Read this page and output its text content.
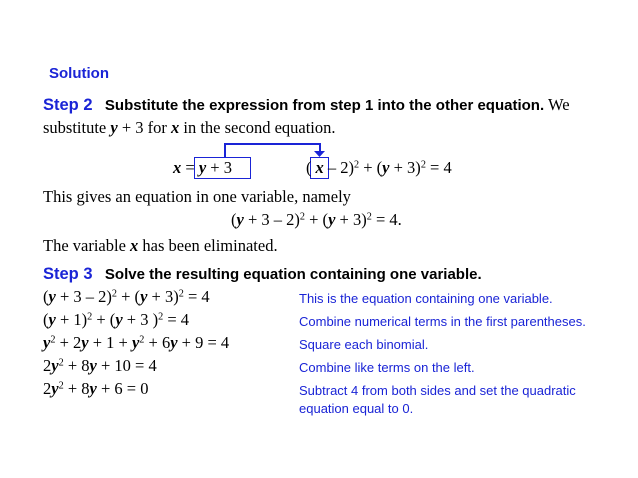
Solution
Step 2 Substitute the expression from step 1 into the other equation. We
substitute y + 3 for x in the second equation.
x = y + 3	( $x - 2)^2 + (y + 3)^2 = 4$
This gives an equation in one variable, namely
$(y + 3 - 2)^2 + (y + 3)^2 = 4$.
The variable x has been eliminated.
Step 3 Solve the resulting equation containing one variable.
$(y + 3 - 2)^2 + (y + 3)^2 = 4$	This is the equation containing one variable.
$(y + 1)^2 + (y + 3$ )$^2$ = 4	Combine numerical terms in the first parentheses.
$y^2 + 2y + 1 + y^2 + 6y + 9 = 4$	Square each binomial.
$2y^2 + 8y + 10 = 4$	Combine like terms on the left.
$2y^2 + 8y + 6 = 0$	Subtract 4 from both sides and set the quadratic
equation equal to 0.
